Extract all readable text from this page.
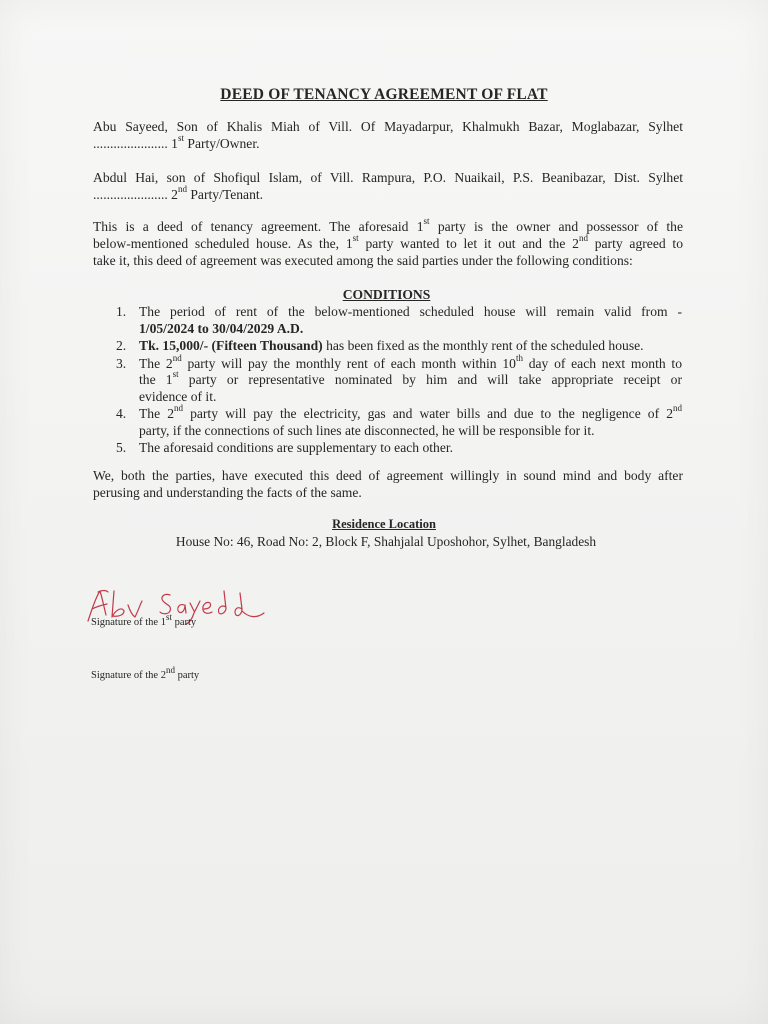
DEED OF TENANCY AGREEMENT OF FLAT
Abu Sayeed, Son of Khalis Miah of Vill. Of Mayadarpur, Khalmukh Bazar, Moglabazar, Sylhet
...................... 1st Party/Owner.
Abdul Hai, son of Shofiqul Islam, of Vill. Rampura, P.O. Nuaikail, P.S. Beanibazar, Dist. Sylhet
...................... 2nd Party/Tenant.
This is a deed of tenancy agreement. The aforesaid 1st party is the owner and possessor of the
below-mentioned scheduled house. As the, 1st party wanted to let it out and the 2nd party agreed to
take it, this deed of agreement was executed among the said parties under the following conditions:
CONDITIONS
1. The period of rent of the below-mentioned scheduled house will remain valid from -
1/05/2024 to 30/04/2029 A.D.
2. Tk. 15,000/- (Fifteen Thousand) has been fixed as the monthly rent of the scheduled house.
3. The 2nd party will pay the monthly rent of each month within 10th day of each next month to
the 1st party or representative nominated by him and will take appropriate receipt or
evidence of it.
4. The 2nd party will pay the electricity, gas and water bills and due to the negligence of 2nd
party, if the connections of such lines ate disconnected, he will be responsible for it.
5. The aforesaid conditions are supplementary to each other.
We, both the parties, have executed this deed of agreement willingly in sound mind and body after
perusing and understanding the facts of the same.
Residence Location
House No: 46, Road No: 2, Block F, Shahjalal Uposhohor, Sylhet, Bangladesh
Signature of the 1st party
Signature of the 2nd party
